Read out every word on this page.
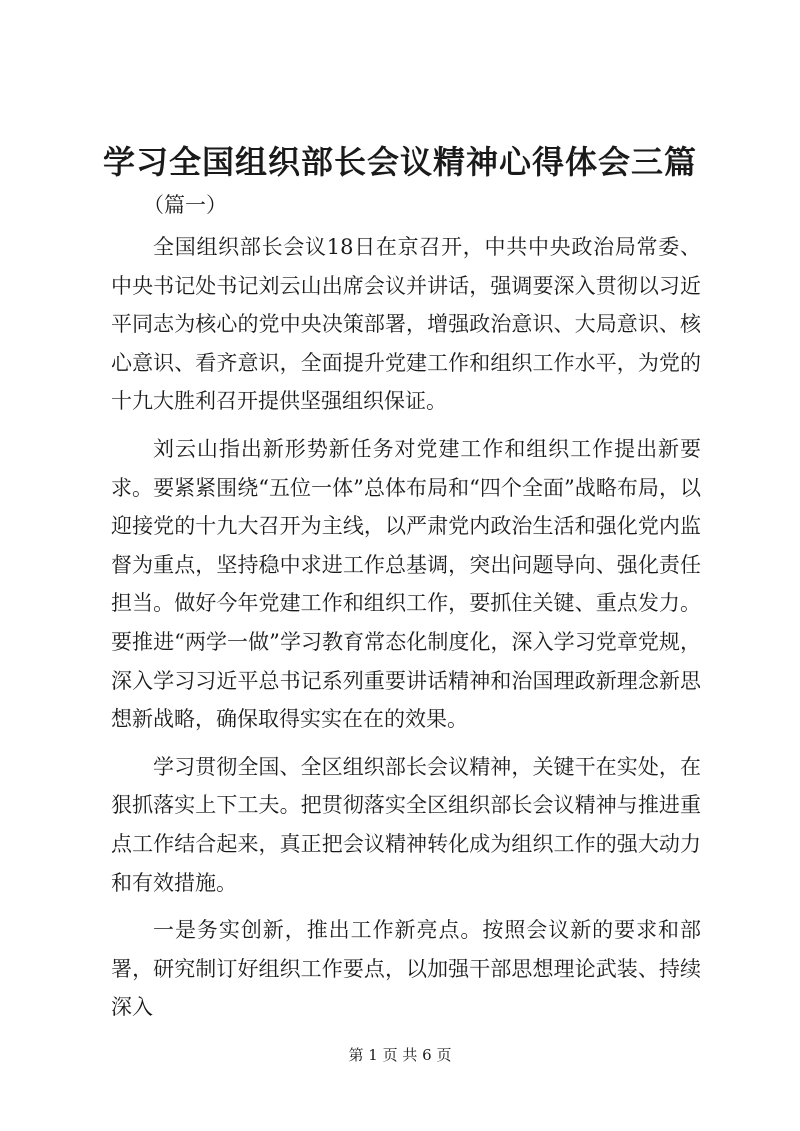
学习全国组织部长会议精神心得体会三篇

（篇一）

全国组织部长会议18日在京召开，中共中央政治局常委、中央书记处书记刘云山出席会议并讲话，强调要深入贯彻以习近平同志为核心的党中央决策部署，增强政治意识、大局意识、核心意识、看齐意识，全面提升党建工作和组织工作水平，为党的十九大胜利召开提供坚强组织保证。

刘云山指出新形势新任务对党建工作和组织工作提出新要求。要紧紧围绕“五位一体”总体布局和“四个全面”战略布局，以迎接党的十九大召开为主线，以严肃党内政治生活和强化党内监督为重点，坚持稳中求进工作总基调，突出问题导向、强化责任担当。做好今年党建工作和组织工作，要抓住关键、重点发力。要推进“两学一做”学习教育常态化制度化，深入学习党章党规，深入学习习近平总书记系列重要讲话精神和治国理政新理念新思想新战略，确保取得实实在在的效果。

学习贯彻全国、全区组织部长会议精神，关键干在实处，在狠抓落实上下工夫。把贯彻落实全区组织部长会议精神与推进重点工作结合起来，真正把会议精神转化成为组织工作的强大动力和有效措施。

一是务实创新，推出工作新亮点。按照会议新的要求和部署，研究制订好组织工作要点，以加强干部思想理论武装、持续深入

第 1 页 共 6 页
